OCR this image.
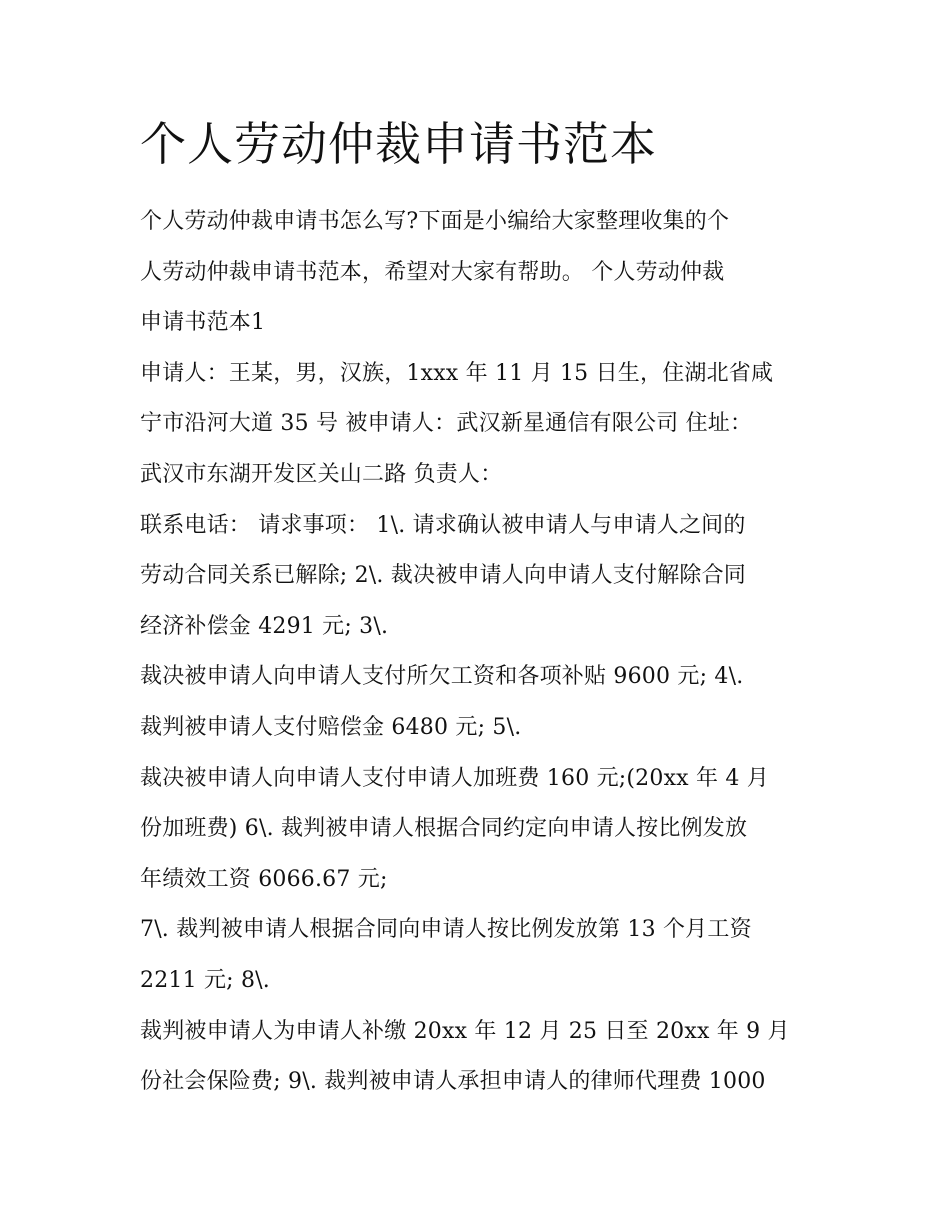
个人劳动仲裁申请书范本
个人劳动仲裁申请书怎么写?下面是小编给大家整理收集的个
人劳动仲裁申请书范本，希望对大家有帮助。 个人劳动仲裁
申请书范本1
申请人：王某，男，汉族，1xxx 年 11 月 15 日生，住湖北省咸
宁市沿河大道 35 号 被申请人：武汉新星通信有限公司 住址：
武汉市东湖开发区关山二路 负责人：
联系电话： 请求事项： 1\. 请求确认被申请人与申请人之间的
劳动合同关系已解除; 2\. 裁决被申请人向申请人支付解除合同
经济补偿金 4291 元; 3\.
裁决被申请人向申请人支付所欠工资和各项补贴 9600 元; 4\.
裁判被申请人支付赔偿金 6480 元; 5\.
裁决被申请人向申请人支付申请人加班费 160 元;(20xx 年 4 月
份加班费) 6\. 裁判被申请人根据合同约定向申请人按比例发放
年绩效工资 6066.67 元;
7\. 裁判被申请人根据合同向申请人按比例发放第 13 个月工资
2211 元; 8\.
裁判被申请人为申请人补缴 20xx 年 12 月 25 日至 20xx 年 9 月
份社会保险费; 9\. 裁判被申请人承担申请人的律师代理费 1000
